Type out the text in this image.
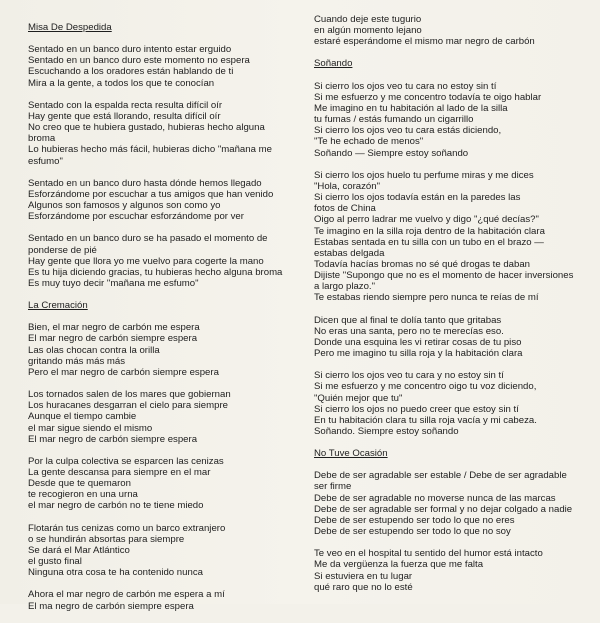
Misa De Despedida
Sentado en un banco duro intento estar erguido
Sentado en un banco duro este momento no espera
Escuchando a los oradores están hablando de ti
Mira a la gente, a todos los que te conocían
Sentado con la espalda recta resulta difícil oír
Hay gente que está llorando, resulta difícil oír
No creo que te hubiera gustado, hubieras hecho alguna
broma
Lo hubieras hecho más fácil, hubieras dicho "mañana me
esfumo"
Sentado en un banco duro hasta dónde hemos llegado
Esforzándome por escuchar a tus amigos que han venido
Algunos son famosos y algunos son como yo
Esforzándome por escuchar esforzándome por ver
Sentado en un banco duro se ha pasado el momento de
ponderse de pié
Hay gente que llora yo me vuelvo para cogerte la mano
Es tu hija diciendo gracias, tu hubieras hecho alguna broma
Es muy tuyo decir "mañana me esfumo"
La Cremación
Bien, el mar negro de carbón me espera
El mar negro de carbón siempre espera
Las olas chocan contra la orilla
gritando más más más
Pero el mar negro de carbón siempre espera
Los tornados salen de los mares que gobiernan
Los huracanes desgarran el cielo para siempre
Aunque el tiempo cambie
el mar sigue siendo el mismo
El mar negro de carbón siempre espera
Por la culpa colectiva se esparcen las cenizas
La gente descansa para siempre en el mar
Desde que te quemaron
te recogieron en una urna
el mar negro de carbón no te tiene miedo
Flotarán tus cenizas como un barco extranjero
o se hundirán absortas para siempre
Se dará el Mar Atlántico
el gusto final
Ninguna otra cosa te ha contenido nunca
Ahora el mar negro de carbón me espera a mí
El ma negro de carbón siempre espera
Cuando deje este tugurio
en algún momento lejano
estaré esperándome el mismo mar negro de carbón
Soñando
Si cierro los ojos veo tu cara no estoy sin tí
Si me esfuerzo y me concentro todavía te oigo hablar
Me imagino en tu habitación al lado de la silla
tu fumas / estás fumando un cigarrillo
Si cierro los ojos veo tu cara estás diciendo,
"Te he echado de menos"
Soñando — Siempre estoy soñando
Si cierro los ojos huelo tu perfume miras y me dices
"Hola, corazón"
Si cierro los ojos todavía están en la paredes las
fotos de China
Oigo al perro ladrar me vuelvo y digo "¿qué decías?"
Te imagino en la silla roja dentro de la habitación clara
Estabas sentada en tu silla con un tubo en el brazo —
estabas delgada
Todavía hacías bromas no sé qué drogas te daban
Dijiste "Supongo que no es el momento de hacer inversiones
a largo plazo."
Te estabas riendo siempre pero nunca te reías de mí
Dicen que al final te dolía tanto que gritabas
No eras una santa, pero no te merecías eso.
Donde una esquina les vi retirar cosas de tu piso
Pero me imagino tu silla roja y la habitación clara
Si cierro los ojos veo tu cara y no estoy sin tí
Si me esfuerzo y me concentro oigo tu voz diciendo,
"Quién mejor que tu"
Si cierro los ojos no puedo creer que estoy sin tí
En tu habitación clara tu silla roja vacía y mi cabeza.
Soñando. Siempre estoy soñando
No Tuve Ocasión
Debe de ser agradable ser estable / Debe de ser agradable
ser firme
Debe de ser agradable no moverse nunca de las marcas
Debe de ser agradable ser formal y no dejar colgado a nadie
Debe de ser estupendo ser todo lo que no eres
Debe de ser estupendo ser todo lo que no soy
Te veo en el hospital tu sentido del humor está intacto
Me da vergüenza la fuerza que me falta
Si estuviera en tu lugar
qué raro que no lo esté
